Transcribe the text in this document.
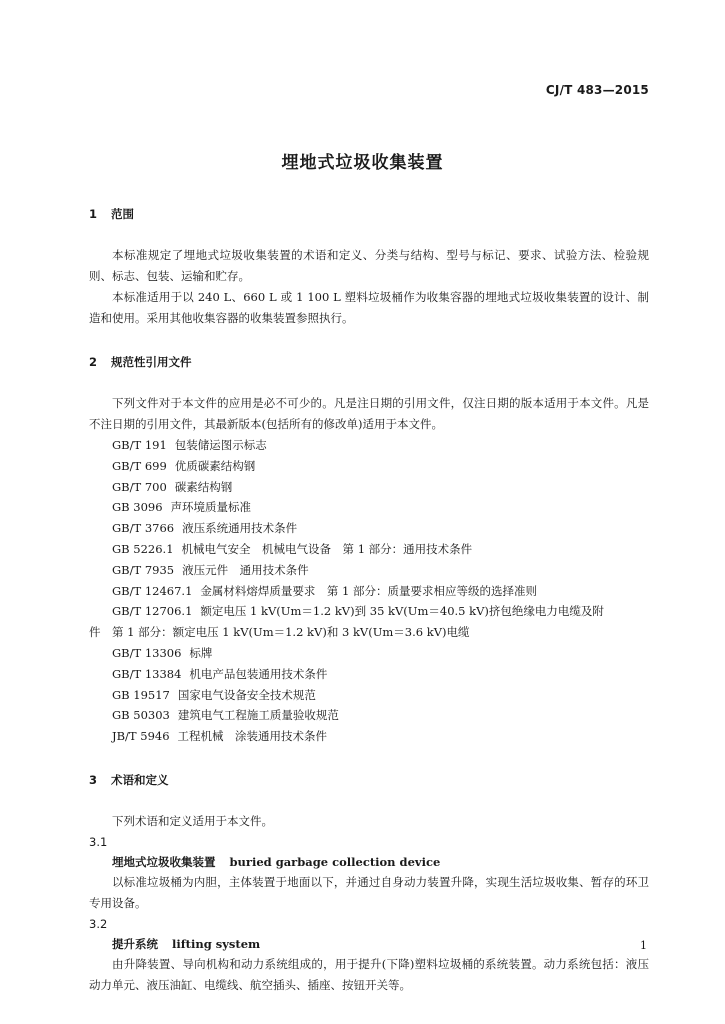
CJ/T 483—2015
埋地式垃圾收集装置
1	范围

本标准规定了埋地式垃圾收集装置的术语和定义、分类与结构、型号与标记、要求、试验方法、检验规则、标志、包装、运输和贮存。

本标准适用于以 240 L、660 L 或 1 100 L 塑料垃圾桶作为收集容器的埋地式垃圾收集装置的设计、制造和使用。采用其他收集容器的收集装置参照执行。

2	规范性引用文件

下列文件对于本文件的应用是必不可少的。凡是注日期的引用文件，仅注日期的版本适用于本文件。凡是不注日期的引用文件，其最新版本(包括所有的修改单)适用于本文件。

GB/T 191 包装储运图示标志

GB/T 699 优质碳素结构钢

GB/T 700 碳素结构钢

GB 3096 声环境质量标准

GB/T 3766 液压系统通用技术条件

GB 5226.1 机械电气安全　机械电气设备　第 1 部分：通用技术条件

GB/T 7935 液压元件　通用技术条件

GB/T 12467.1 金属材料熔焊质量要求　第 1 部分：质量要求相应等级的选择准则

GB/T 12706.1 额定电压 1 kV(Um＝1.2 kV)到 35 kV(Um＝40.5 kV)挤包绝缘电力电缆及附

件　第 1 部分：额定电压 1 kV(Um＝1.2 kV)和 3 kV(Um＝3.6 kV)电缆

GB/T 13306 标牌

GB/T 13384 机电产品包装通用技术条件

GB 19517 国家电气设备安全技术规范

GB 50303 建筑电气工程施工质量验收规范

JB/T 5946 工程机械　涂装通用技术条件

3	术语和定义

下列术语和定义适用于本文件。

3.1

埋地式垃圾收集装置 buried garbage collection device

以标准垃圾桶为内胆，主体装置于地面以下，并通过自身动力装置升降，实现生活垃圾收集、暂存的环卫专用设备。

3.2

提升系统 lifting system

由升降装置、导向机构和动力系统组成的，用于提升(下降)塑料垃圾桶的系统装置。动力系统包括：液压动力单元、液压油缸、电缆线、航空插头、插座、按钮开关等。

1
